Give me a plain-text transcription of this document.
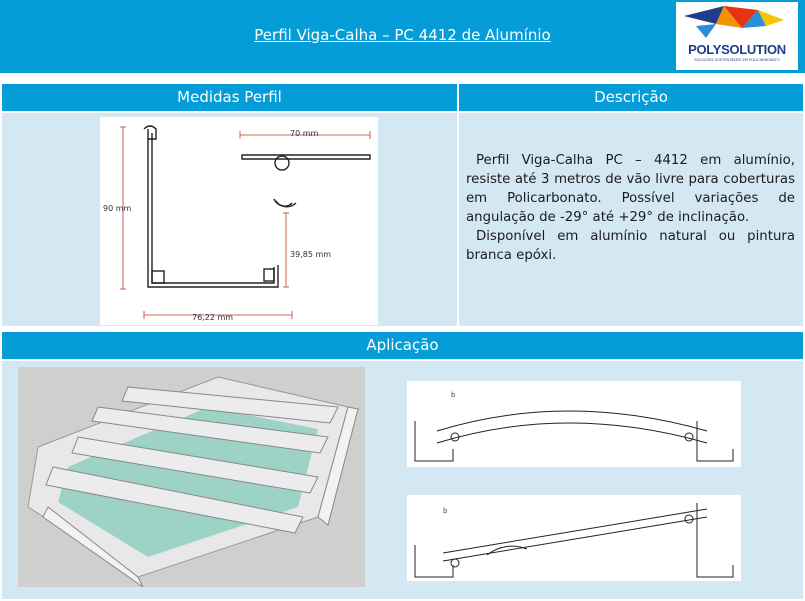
Perfil Viga-Calha – PC 4412 de Alumínio
POLYSOLUTION
SOLUÇÕES SUSTENTÁVEIS EM POLICARBONATO
Medidas Perfil	Descrição
90 mm
70 mm
39,85 mm
76,22 mm

Perfil Viga-Calha PC – 4412 em alumínio, resiste até 3 metros de vão livre para coberturas em Policarbonato. Possível variações de angulação de -29° até +29° de inclinação.

Disponível em alumínio natural ou pintura branca epóxi.

Aplicação
b
b
